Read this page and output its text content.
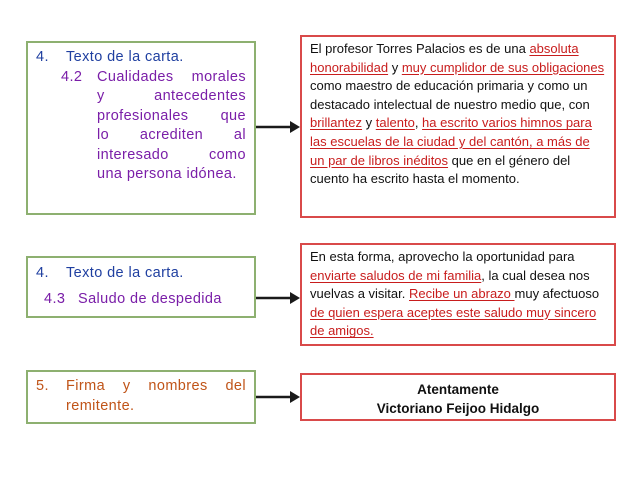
4.	Texto de la carta.
4.2	Cualidades morales
y antecedentes
profesionales que
lo acrediten al
interesado como
una persona idónea.

El profesor Torres Palacios es de una absoluta honorabilidad y muy cumplidor de sus obligaciones como maestro de educación primaria y como un destacado intelectual de nuestro medio que, con brillantez y talento, ha escrito varios himnos para las escuelas de la ciudad y del cantón, a más de un par de libros inéditos que en el género del cuento ha escrito hasta el momento.

4.	Texto de la carta.
4.3 Saludo de despedida

En esta forma, aprovecho la oportunidad para enviarte saludos de mi familia, la cual desea nos vuelvas a visitar. Recibe un abrazo muy afectuoso de quien espera aceptes este saludo muy sincero de amigos.

5.	Firma y nombres del
remitente.
Atentamente
Victoriano Feijoo Hidalgo
